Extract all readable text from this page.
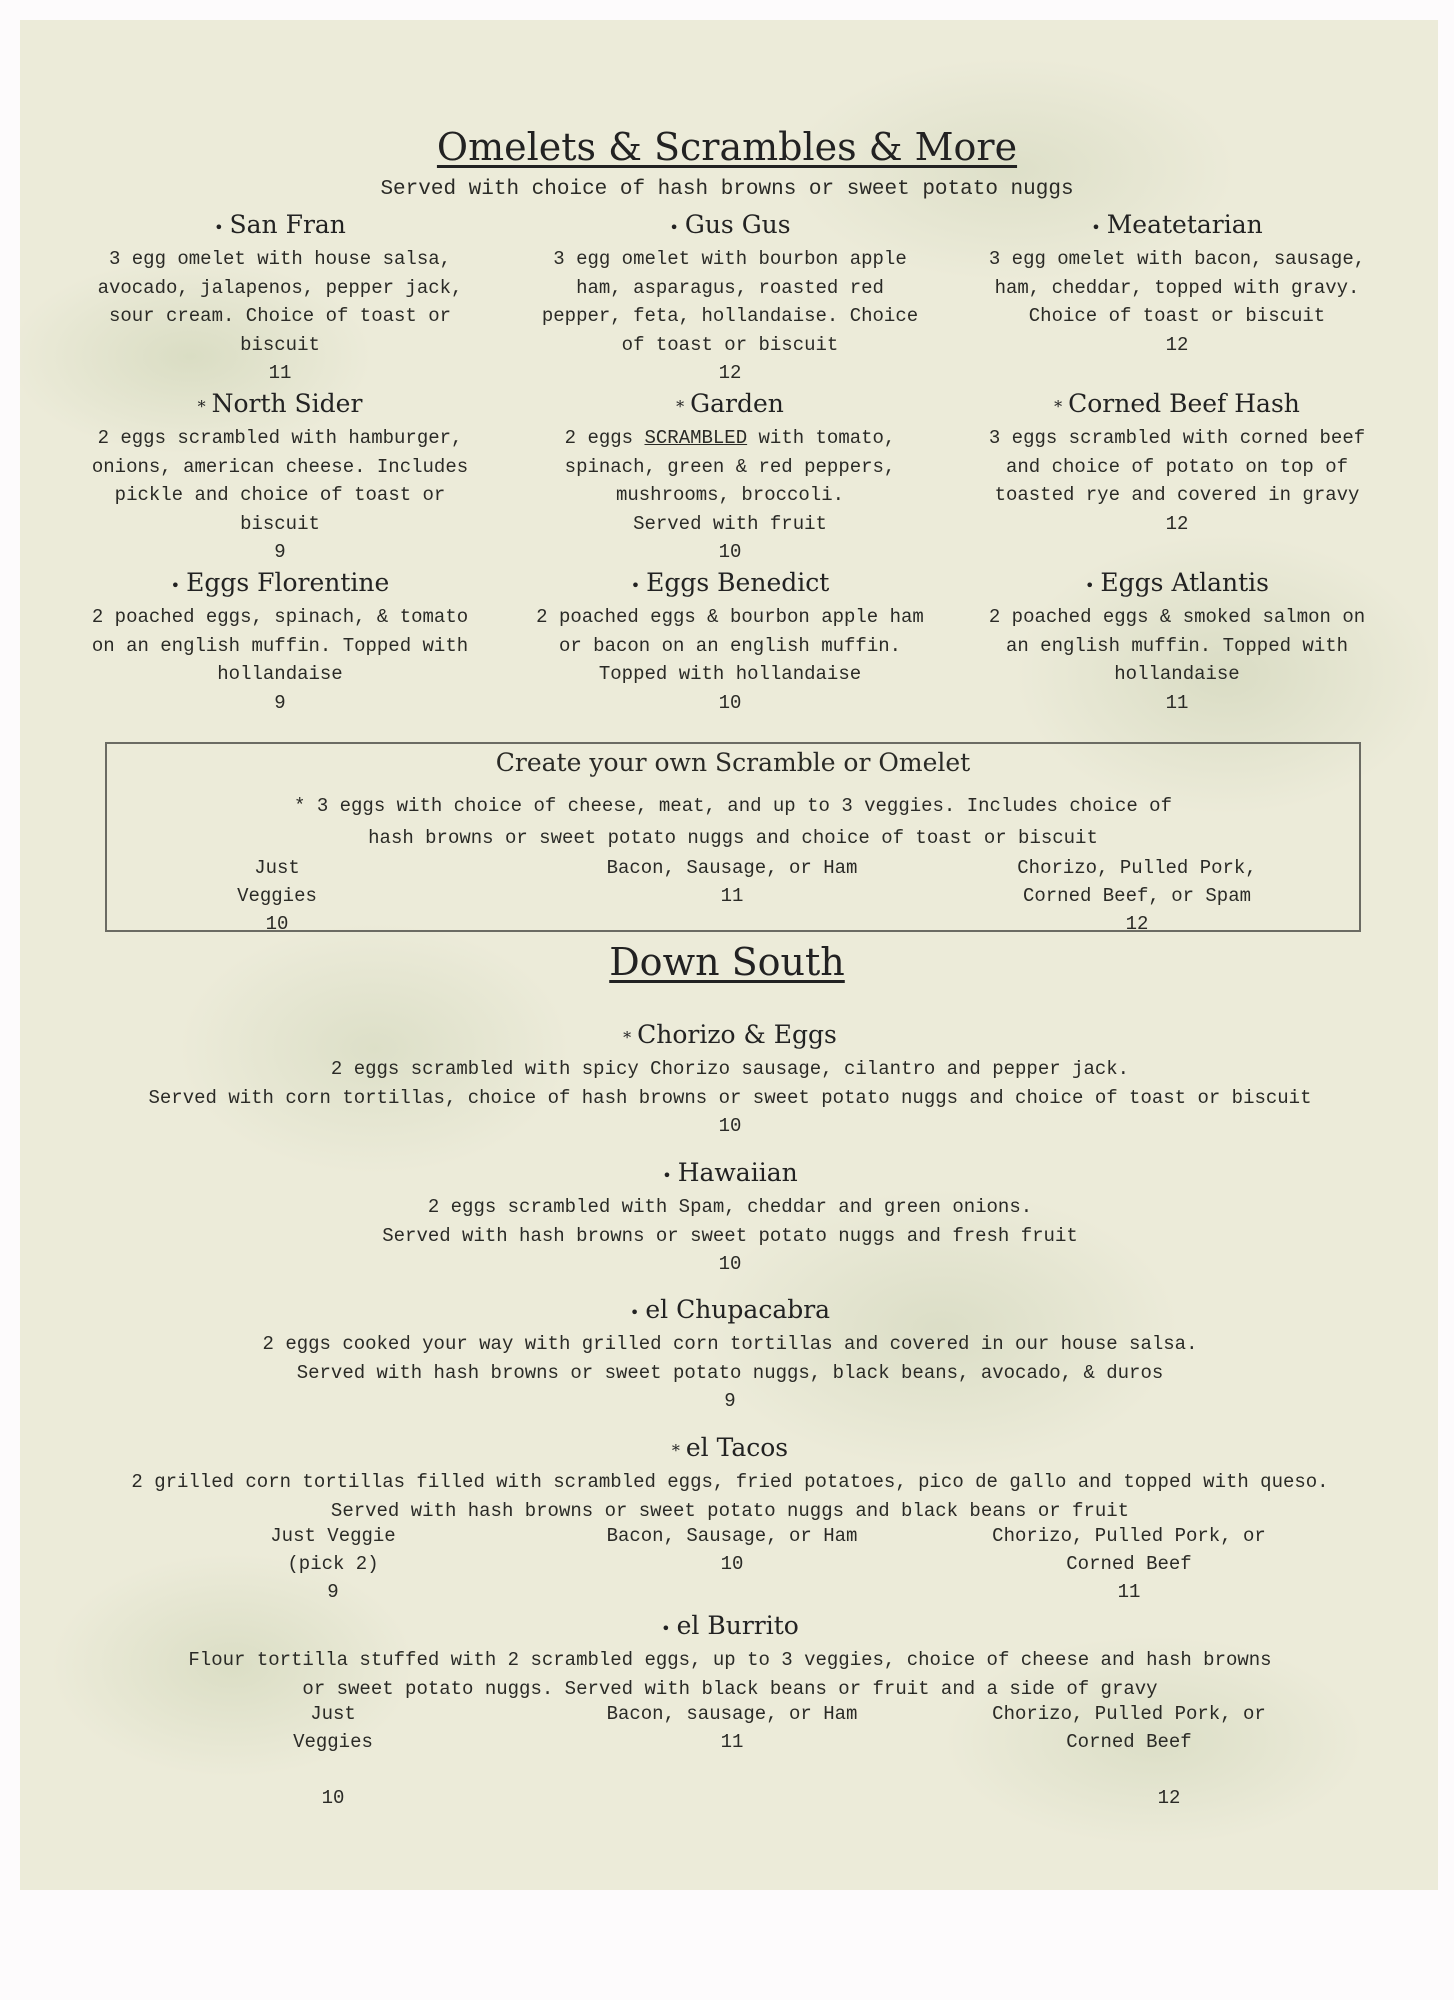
Omelets & Scrambles & More
Served with choice of hash browns or sweet potato nuggs
• San Fran
3 egg omelet with house salsa, avocado, jalapenos, pepper jack, sour cream. Choice of toast or biscuit
11
• Gus Gus
3 egg omelet with bourbon apple ham, asparagus, roasted red pepper, feta, hollandaise. Choice of toast or biscuit
12
• Meatetarian
3 egg omelet with bacon, sausage, ham, cheddar, topped with gravy. Choice of toast or biscuit
12
* North Sider
2 eggs scrambled with hamburger, onions, american cheese. Includes pickle and choice of toast or biscuit
9
* Garden
2 eggs SCRAMBLED with tomato, spinach, green & red peppers, mushrooms, broccoli.
Served with fruit
10
* Corned Beef Hash
3 eggs scrambled with corned beef and choice of potato on top of toasted rye and covered in gravy
12
• Eggs Florentine
2 poached eggs, spinach, & tomato on an english muffin. Topped with hollandaise
9
• Eggs Benedict
2 poached eggs & bourbon apple ham or bacon on an english muffin. Topped with hollandaise
10
• Eggs Atlantis
2 poached eggs & smoked salmon on an english muffin. Topped with hollandaise
11
Create your own Scramble or Omelet
* 3 eggs with choice of cheese, meat, and up to 3 veggies. Includes choice of
hash browns or sweet potato nuggs and choice of toast or biscuit
Just
Veggies
10
Bacon, Sausage, or Ham
11
Chorizo, Pulled Pork,
Corned Beef, or Spam
12
Down South
* Chorizo & Eggs
2 eggs scrambled with spicy Chorizo sausage, cilantro and pepper jack.
Served with corn tortillas, choice of hash browns or sweet potato nuggs and choice of toast or biscuit
10
• Hawaiian
2 eggs scrambled with Spam, cheddar and green onions.
Served with hash browns or sweet potato nuggs and fresh fruit
10
• el Chupacabra
2 eggs cooked your way with grilled corn tortillas and covered in our house salsa.
Served with hash browns or sweet potato nuggs, black beans, avocado, & duros
9
* el Tacos
2 grilled corn tortillas filled with scrambled eggs, fried potatoes, pico de gallo and topped with queso.
Served with hash browns or sweet potato nuggs and black beans or fruit
Just Veggie
(pick 2)
9
Bacon, Sausage, or Ham
10
Chorizo, Pulled Pork, or
Corned Beef
11
• el Burrito
Flour tortilla stuffed with 2 scrambled eggs, up to 3 veggies, choice of cheese and hash browns
or sweet potato nuggs. Served with black beans or fruit and a side of gravy
Just
Veggies
10
Bacon, sausage, or Ham
11
Chorizo, Pulled Pork, or
Corned Beef
12
